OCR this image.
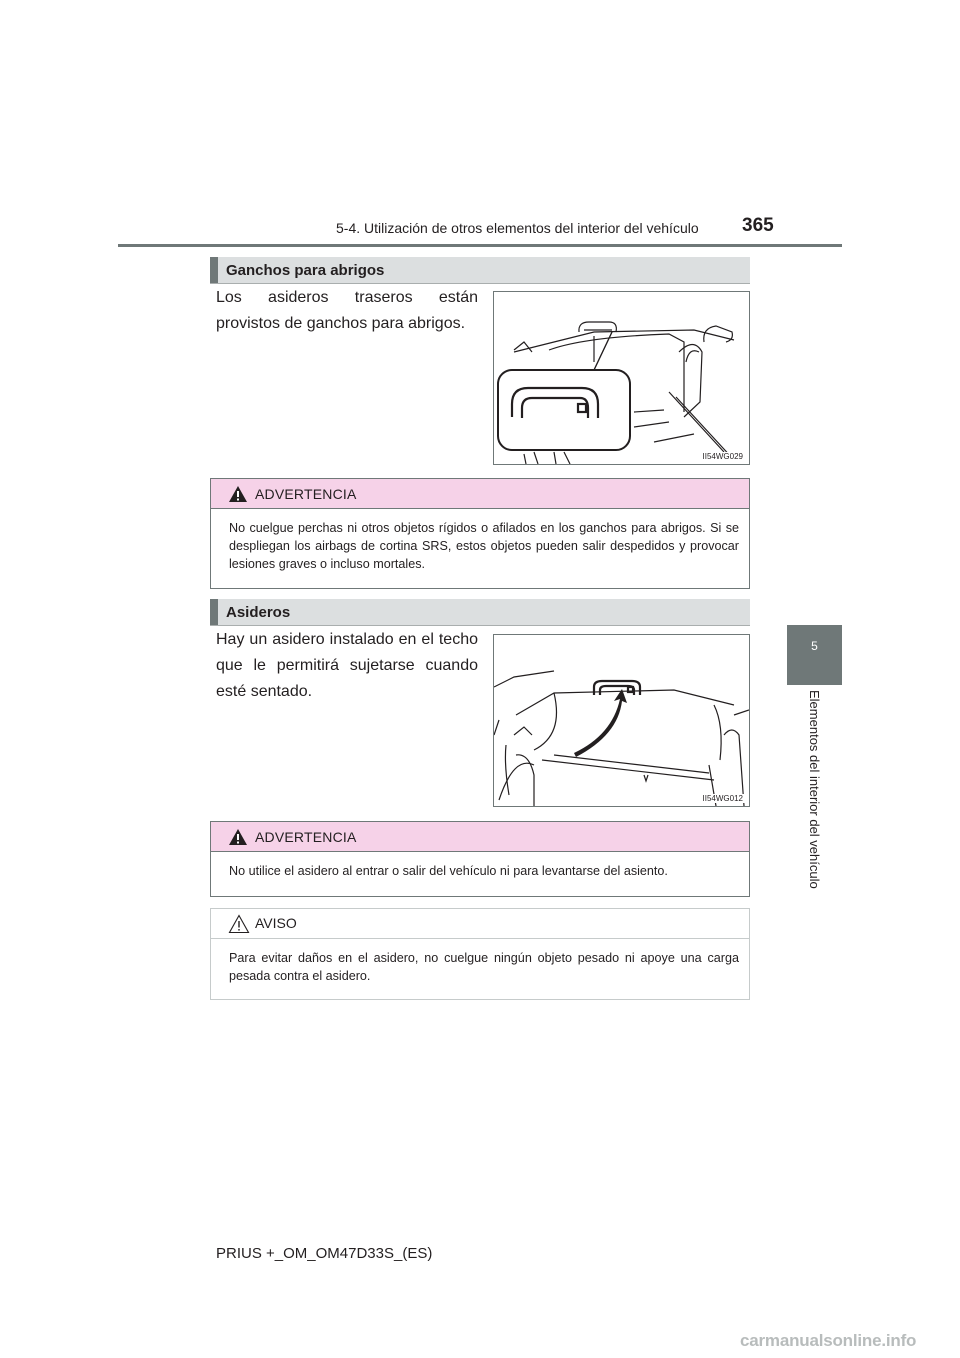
5-4. Utilización de otros elementos del interior del vehículo 365
5
Elementos del interior del vehículo
Ganchos para abrigos
Los asideros traseros están provistos de ganchos para abrigos.
II54WG029
ADVERTENCIA
No cuelgue perchas ni otros objetos rígidos o afilados en los ganchos para abrigos. Si se despliegan los airbags de cortina SRS, estos objetos pueden salir despedidos y provocar lesiones graves o incluso mortales.
Asideros
Hay un asidero instalado en el techo que le permitirá sujetarse cuando esté sentado.
II54WG012
ADVERTENCIA
No utilice el asidero al entrar o salir del vehículo ni para levantarse del asiento.
AVISO
Para evitar daños en el asidero, no cuelgue ningún objeto pesado ni apoye una carga pesada contra el asidero.
PRIUS +_OM_OM47D33S_(ES)
carmanualsonline.info
